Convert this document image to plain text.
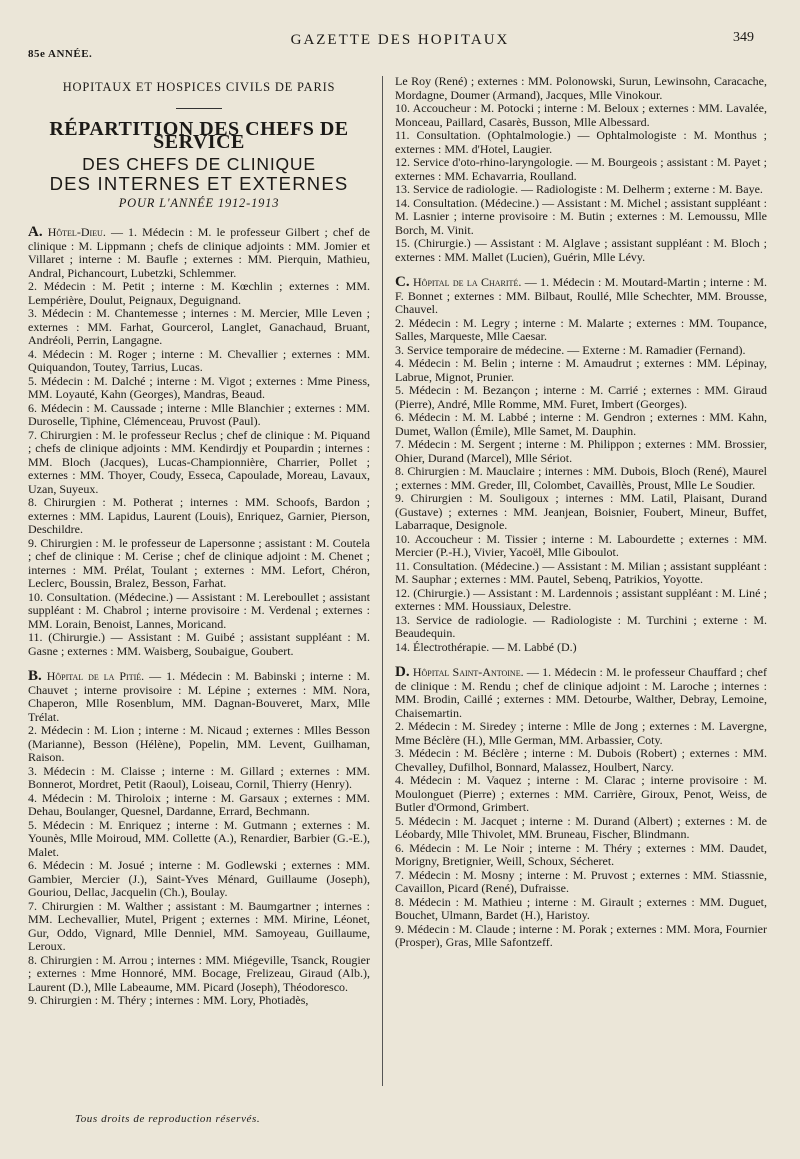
85e ANNÉE.
GAZETTE DES HOPITAUX	349
HOPITAUX ET HOSPICES CIVILS DE PARIS
RÉPARTITION DES CHEFS DE SERVICE
DES CHEFS DE CLINIQUE
DES INTERNES ET EXTERNES
POUR L'ANNÉE 1912-1913

A. Hôtel-Dieu. — 1. Médecin : M. le professeur Gilbert ; chef de clinique : M. Lippmann ; chefs de clinique adjoints : MM. Jomier et Villaret ; interne : M. Baufle ; externes : MM. Pierquin, Mathieu, Andral, Pichancourt, Lubetzki, Schlemmer.

2. Médecin : M. Petit ; interne : M. Kœchlin ; externes : MM. Lempérière, Doulut, Peignaux, Deguignand.

3. Médecin : M. Chantemesse ; internes : M. Mercier, Mlle Leven ; externes : MM. Farhat, Gourcerol, Langlet, Ganachaud, Bruant, Andréoli, Perrin, Langagne.

4. Médecin : M. Roger ; interne : M. Chevallier ; externes : MM. Quiquandon, Toutey, Tarrius, Lucas.

5. Médecin : M. Dalché ; interne : M. Vigot ; externes : Mme Piness, MM. Loyauté, Kahn (Georges), Mandras, Beaud.

6. Médecin : M. Caussade ; interne : Mlle Blanchier ; externes : MM. Duroselle, Tiphine, Clémenceau, Pruvost (Paul).

7. Chirurgien : M. le professeur Reclus ; chef de clinique : M. Piquand ; chefs de clinique adjoints : MM. Kendirdjy et Poupardin ; internes : MM. Bloch (Jacques), Lucas-Championnière, Charrier, Pollet ; externes : MM. Thoyer, Coudy, Esseca, Capoulade, Moreau, Lavaux, Uzan, Suyeux.

8. Chirurgien : M. Potherat ; internes : MM. Schoofs, Bardon ; externes : MM. Lapidus, Laurent (Louis), Enriquez, Garnier, Pierson, Deschildre.

9. Chirurgien : M. le professeur de Lapersonne ; assistant : M. Coutela ; chef de clinique : M. Cerise ; chef de clinique adjoint : M. Chenet ; internes : MM. Prélat, Toulant ; externes : MM. Lefort, Chéron, Leclerc, Boussin, Bralez, Besson, Farhat.

10. Consultation. (Médecine.) — Assistant : M. Lereboullet ; assistant suppléant : M. Chabrol ; interne provisoire : M. Verdenal ; externes : MM. Lorain, Benoist, Lannes, Moricand.

11. (Chirurgie.) — Assistant : M. Guibé ; assistant suppléant : M. Gasne ; externes : MM. Waisberg, Soubaigue, Goubert.

B. Hôpital de la Pitié. — 1. Médecin : M. Babinski ; interne : M. Chauvet ; interne provisoire : M. Lépine ; externes : MM. Nora, Chaperon, Mlle Rosenblum, MM. Dagnan-Bouveret, Marx, Mlle Trélat.

2. Médecin : M. Lion ; interne : M. Nicaud ; externes : Mlles Besson (Marianne), Besson (Hélène), Popelin, MM. Levent, Guilhaman, Raison.

3. Médecin : M. Claisse ; interne : M. Gillard ; externes : MM. Bonnerot, Mordret, Petit (Raoul), Loiseau, Cornil, Thierry (Henry).

4. Médecin : M. Thiroloix ; interne : M. Garsaux ; externes : MM. Dehau, Boulanger, Quesnel, Dardanne, Errard, Bechmann.

5. Médecin : M. Enriquez ; interne : M. Gutmann ; externes : M. Younès, Mlle Moiroud, MM. Collette (A.), Renardier, Barbier (G.-E.), Malet.

6. Médecin : M. Josué ; interne : M. Godlewski ; externes : MM. Gambier, Mercier (J.), Saint-Yves Ménard, Guillaume (Joseph), Gouriou, Dellac, Jacquelin (Ch.), Boulay.

7. Chirurgien : M. Walther ; assistant : M. Baumgartner ; internes : MM. Lechevallier, Mutel, Prigent ; externes : MM. Mirine, Léonet, Gur, Oddo, Vignard, Mlle Denniel, MM. Samoyeau, Guillaume, Leroux.

8. Chirurgien : M. Arrou ; internes : MM. Miégeville, Tsanck, Rougier ; externes : Mme Honnoré, MM. Bocage, Frelizeau, Giraud (Alb.), Laurent (D.), Mlle Labeaume, MM. Picard (Joseph), Théodoresco.

9. Chirurgien : M. Théry ; internes : MM. Lory, Photiadès,

Le Roy (René) ; externes : MM. Polonowski, Surun, Lewinsohn, Caracache, Mordagne, Doumer (Armand), Jacques, Mlle Vinokour.

10. Accoucheur : M. Potocki ; interne : M. Beloux ; externes : MM. Lavalée, Monceau, Paillard, Casarès, Busson, Mlle Albessard.

11. Consultation. (Ophtalmologie.) — Ophtalmologiste : M. Monthus ; externes : MM. d'Hotel, Laugier.

12. Service d'oto-rhino-laryngologie. — M. Bourgeois ; assistant : M. Payet ; externes : MM. Echavarria, Roulland.

13. Service de radiologie. — Radiologiste : M. Delherm ; externe : M. Baye.

14. Consultation. (Médecine.) — Assistant : M. Michel ; assistant suppléant : M. Lasnier ; interne provisoire : M. Butin ; externes : M. Lemoussu, Mlle Borch, M. Vinit.

15. (Chirurgie.) — Assistant : M. Alglave ; assistant suppléant : M. Bloch ; externes : MM. Mallet (Lucien), Guérin, Mlle Lévy.

C. Hôpital de la Charité. — 1. Médecin : M. Moutard-Martin ; interne : M. F. Bonnet ; externes : MM. Bilbaut, Roullé, Mlle Schechter, MM. Brousse, Chauvel.

2. Médecin : M. Legry ; interne : M. Malarte ; externes : MM. Toupance, Salles, Marqueste, Mlle Caesar.

3. Service temporaire de médecine. — Externe : M. Ramadier (Fernand).

4. Médecin : M. Belin ; interne : M. Amaudrut ; externes : MM. Lépinay, Labrue, Mignot, Prunier.

5. Médecin : M. Bezançon ; interne : M. Carrié ; externes : MM. Giraud (Pierre), André, Mlle Romme, MM. Furet, Imbert (Georges).

6. Médecin : M. M. Labbé ; interne : M. Gendron ; externes : MM. Kahn, Dumet, Wallon (Émile), Mlle Samet, M. Dauphin.

7. Médecin : M. Sergent ; interne : M. Philippon ; externes : MM. Brossier, Ohier, Durand (Marcel), Mlle Sériot.

8. Chirurgien : M. Mauclaire ; internes : MM. Dubois, Bloch (René), Maurel ; externes : MM. Greder, Ill, Colombet, Cavaillès, Proust, Mlle Le Soudier.

9. Chirurgien : M. Souligoux ; internes : MM. Latil, Plaisant, Durand (Gustave) ; externes : MM. Jeanjean, Boisnier, Foubert, Mineur, Buffet, Labarraque, Designole.

10. Accoucheur : M. Tissier ; interne : M. Labourdette ; externes : MM. Mercier (P.-H.), Vivier, Yacoël, Mlle Giboulot.

11. Consultation. (Médecine.) — Assistant : M. Milian ; assistant suppléant : M. Sauphar ; externes : MM. Pautel, Sebenq, Patrikios, Yoyotte.

12. (Chirurgie.) — Assistant : M. Lardennois ; assistant suppléant : M. Liné ; externes : MM. Houssiaux, Delestre.

13. Service de radiologie. — Radiologiste : M. Turchini ; externe : M. Beaudequin.

14. Électrothérapie. — M. Labbé (D.)

D. Hôpital Saint-Antoine. — 1. Médecin : M. le professeur Chauffard ; chef de clinique : M. Rendu ; chef de clinique adjoint : M. Laroche ; internes : MM. Brodin, Caillé ; externes : MM. Detourbe, Walther, Debray, Lemoine, Chaisemartin.

2. Médecin : M. Siredey ; interne : Mlle de Jong ; externes : M. Lavergne, Mme Béclère (H.), Mlle German, MM. Arbassier, Coty.

3. Médecin : M. Béclère ; interne : M. Dubois (Robert) ; externes : MM. Chevalley, Dufilhol, Bonnard, Malassez, Houlbert, Narcy.

4. Médecin : M. Vaquez ; interne : M. Clarac ; interne provisoire : M. Moulonguet (Pierre) ; externes : MM. Carrière, Giroux, Penot, Weiss, de Butler d'Ormond, Grimbert.

5. Médecin : M. Jacquet ; interne : M. Durand (Albert) ; externes : M. de Léobardy, Mlle Thivolet, MM. Bruneau, Fischer, Blindmann.

6. Médecin : M. Le Noir ; interne : M. Théry ; externes : MM. Daudet, Morigny, Bretignier, Weill, Schoux, Sécheret.

7. Médecin : M. Mosny ; interne : M. Pruvost ; externes : MM. Stiassnie, Cavaillon, Picard (René), Dufraisse.

8. Médecin : M. Mathieu ; interne : M. Girault ; externes : MM. Duguet, Bouchet, Ulmann, Bardet (H.), Haristoy.

9. Médecin : M. Claude ; interne : M. Porak ; externes : MM. Mora, Fournier (Prosper), Gras, Mlle Safontzeff.

Tous droits de reproduction réservés.
